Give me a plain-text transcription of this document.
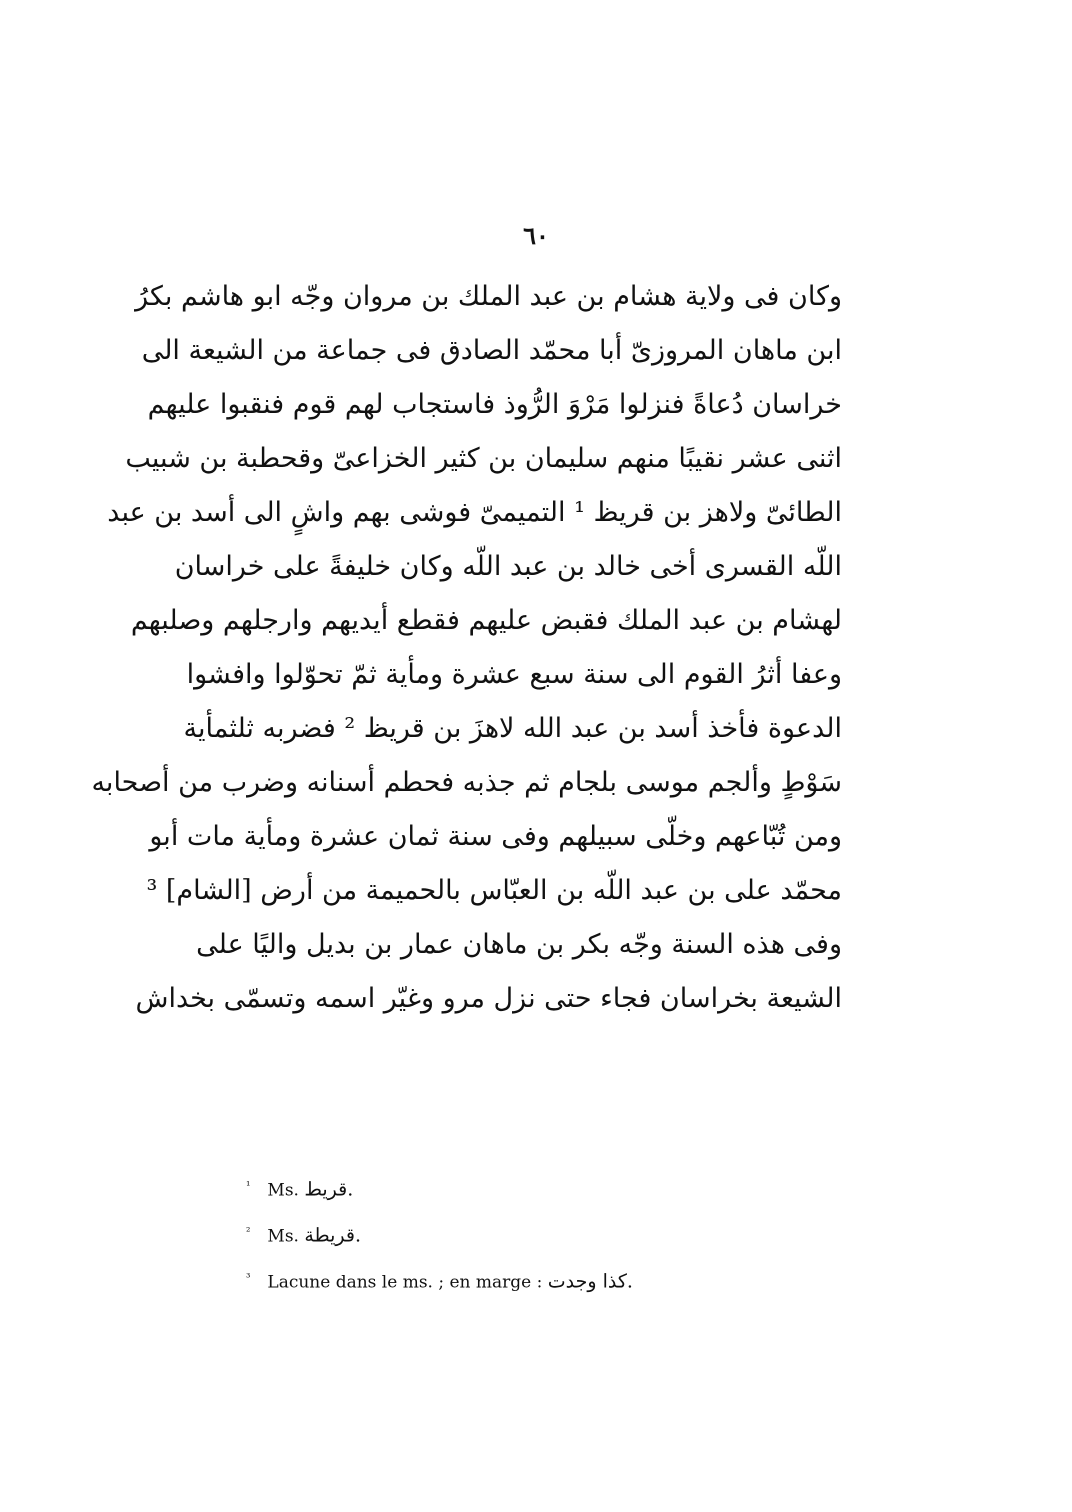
٦٠
وكان فى ولاية هشام بن عبد الملك بن مروان وجّه ابو هاشم بكرُ
ابن ماهان المروزىّ أبا محمّد الصادق فى جماعة من الشيعة الى
خراسان دُعاةً فنزلوا مَرْوَ الرُّوذ فاستجاب لهم قوم فنقبوا عليهم
اثنى عشر نقيبًا منهم سليمان بن كثير الخزاعىّ وقحطبة بن شبيب
الطائىّ ولاهز بن قريظ ¹ التميمىّ فوشى بهم واشٍ الى أسد بن عبد
اللّه القسرى أخى خالد بن عبد اللّه وكان خليفةً على خراسان
لهشام بن عبد الملك فقبض عليهم فقطع أيديهم وارجلهم وصلبهم
وعفا أثرُ القوم الى سنة سبع عشرة ومأية ثمّ تحوّلوا وافشوا
الدعوة فأخذ أسد بن عبد الله لاهزَ بن قريظ ² فضربه ثلثمأية
سَوْطٍ وألجم موسى بلجام ثم جذبه فحطم أسنانه وضرب من أصحابه
ومن تُبّاعهم وخلّى سبيلهم وفى سنة ثمان عشرة ومأية مات أبو
محمّد على بن عبد اللّه بن العبّاس بالحميمة من أرض [الشام] ³
وفى هذه السنة وجّه بكر بن ماهان عمار بن بديل واليًا على
الشيعة بخراسان فجاء حتى نزل مرو وغيّر اسمه وتسمّى بخداش
¹ Ms. .قريط
² Ms. .قريطة
³ Lacune dans le ms. ; en marge : .كذا وجدت
